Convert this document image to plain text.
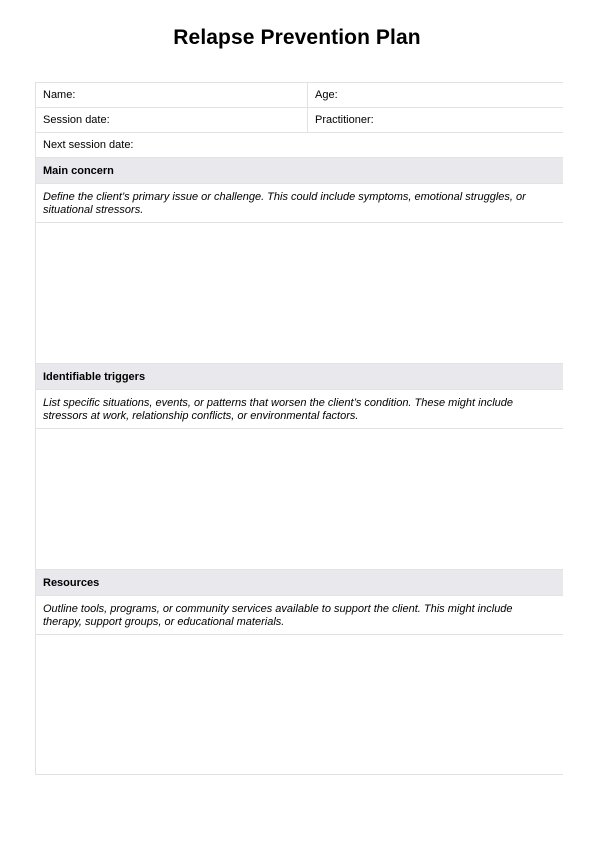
Relapse Prevention Plan
Name:	Age:
Session date:	Practitioner:
Next session date:
Main concern
Define the client’s primary issue or challenge. This could include symptoms, emotional struggles, or situational stressors.
Identifiable triggers
List specific situations, events, or patterns that worsen the client’s condition. These might include stressors at work, relationship conflicts, or environmental factors.
Resources
Outline tools, programs, or community services available to support the client. This might include therapy, support groups, or educational materials.
